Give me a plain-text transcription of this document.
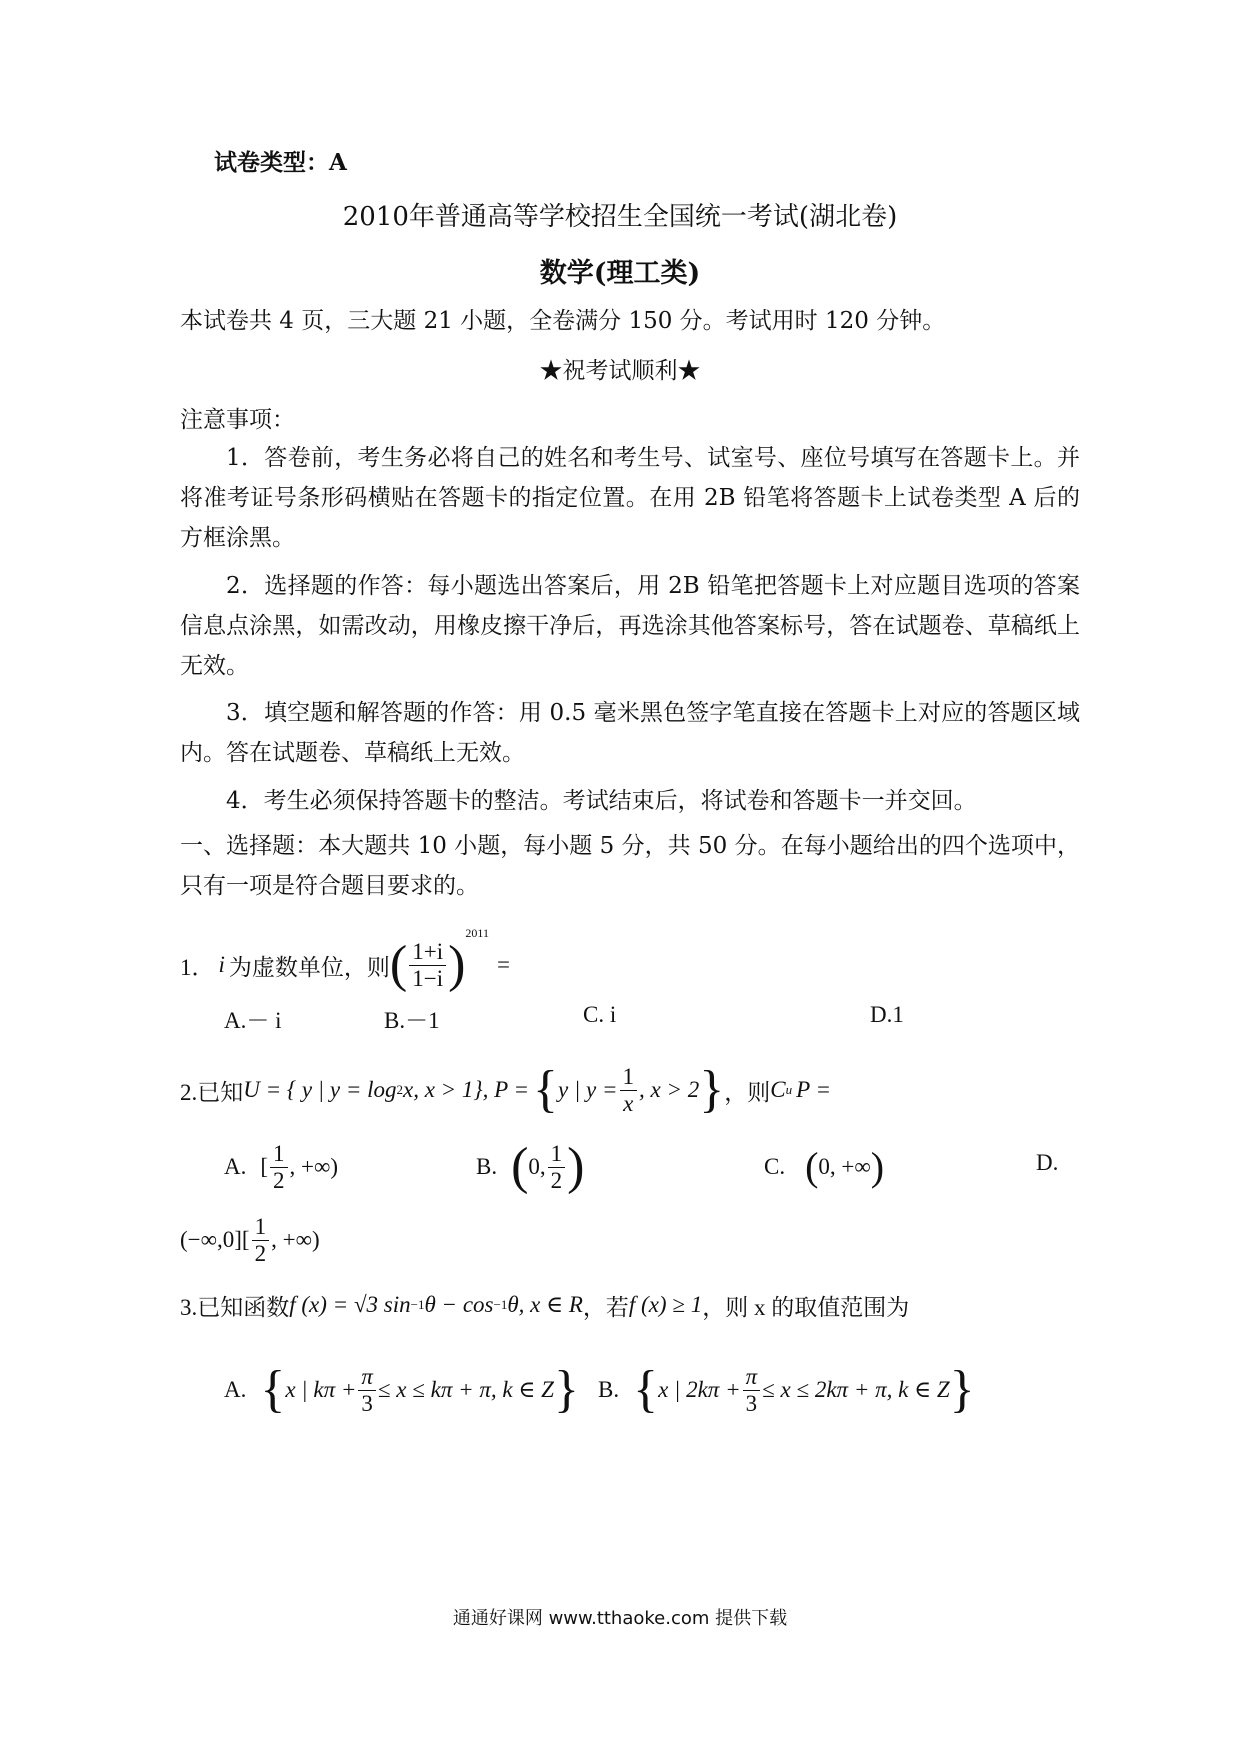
试卷类型：A
2010年普通高等学校招生全国统一考试(湖北卷)
数学(理工类)
本试卷共 4 页，三大题 21 小题，全卷满分 150 分。考试用时 120 分钟。
★祝考试顺利★
注意事项：
1．答卷前，考生务必将自己的姓名和考生号、试室号、座位号填写在答题卡上。并将准考证号条形码横贴在答题卡的指定位置。在用 2B 铅笔将答题卡上试卷类型 A 后的方框涂黑。
2．选择题的作答：每小题选出答案后，用 2B 铅笔把答题卡上对应题目选项的答案信息点涂黑，如需改动，用橡皮擦干净后，再选涂其他答案标号，答在试题卷、草稿纸上无效。
3．填空题和解答题的作答：用 0.5 毫米黑色签字笔直接在答题卡上对应的答题区域内。答在试题卷、草稿纸上无效。
4．考生必须保持答题卡的整洁。考试结束后，将试卷和答题卡一并交回。
一、选择题：本大题共 10 小题，每小题 5 分，共 50 分。在每小题给出的四个选项中，只有一项是符合题目要求的。
1． i 为虚数单位，则 ( $\frac{1+i}{1-i}$ )
2011
=
A.－ i	B.－1	C. i	D.1
2.已知 U = { y | y = log 2 x, x > 1}, P = { y | $y = \frac{1}{x}$ , x > 2 } ，则 C u P =
A. [ $\frac{1}{2}$ , +∞)	B. ( 0, $\frac{1}{2}$ )	C. ( 0, +∞ )	D.
$(-\infty,0][ \frac{1}{2}$ , +∞)
3.已知函数 f (x) = √3 sin −1 θ − cos −1 θ, x ∈ R ，若 f (x) ≥ 1 ，则 x 的取值范围为
A. { x | $k\pi + \frac{\pi}{3} \le x \le k\pi + \pi$, k ∈ Z } B. { x | $2k\pi + \frac{\pi}{3} \le x \le 2k\pi + \pi$, k ∈ Z }
通通好课网 www.tthaoke.com 提供下载
